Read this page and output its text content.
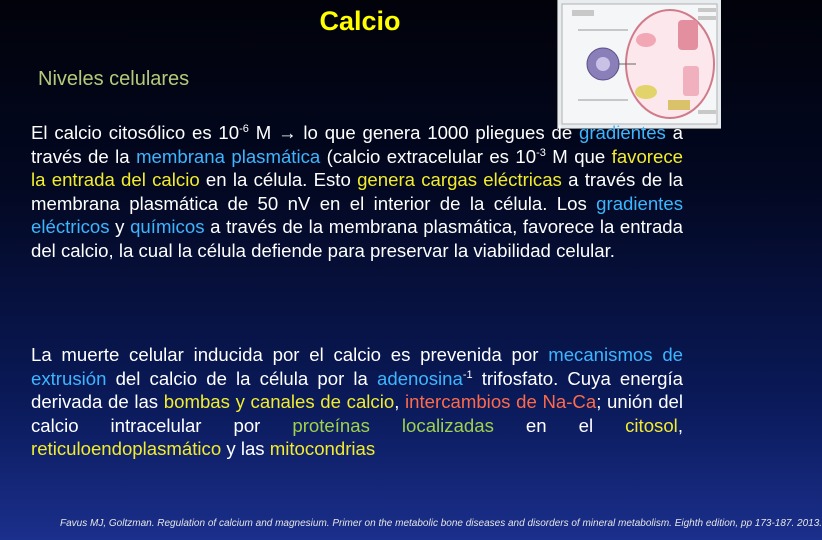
Calcio
Niveles celulares
El calcio citosólico es $10^{-6}$ M → lo que genera 1000 pliegues de gradientes a través de la membrana plasmática (calcio extracelular es $10^{-3}$ M que favorece la entrada del calcio en la célula. Esto genera cargas eléctricas a través de la membrana plasmática de 50 nV en el interior de la célula. Los gradientes eléctricos y químicos a través de la membrana plasmática, favorece la entrada del calcio, la cual la célula defiende para preservar la viabilidad celular.
La muerte celular inducida por el calcio es prevenida por mecanismos de extrusión del calcio de la célula por la adenosina$^{-1}$ trifosfato. Cuya energía derivada de las bombas y canales de calcio, intercambios de Na-Ca; unión del calcio intracelular por proteínas localizadas en el citosol, reticuloendoplasmático y las mitocondrias
Favus MJ, Goltzman. Regulation of calcium and magnesium. Primer on the metabolic bone diseases and disorders of mineral metabolism. Eighth edition, pp 173-187. 2013.
